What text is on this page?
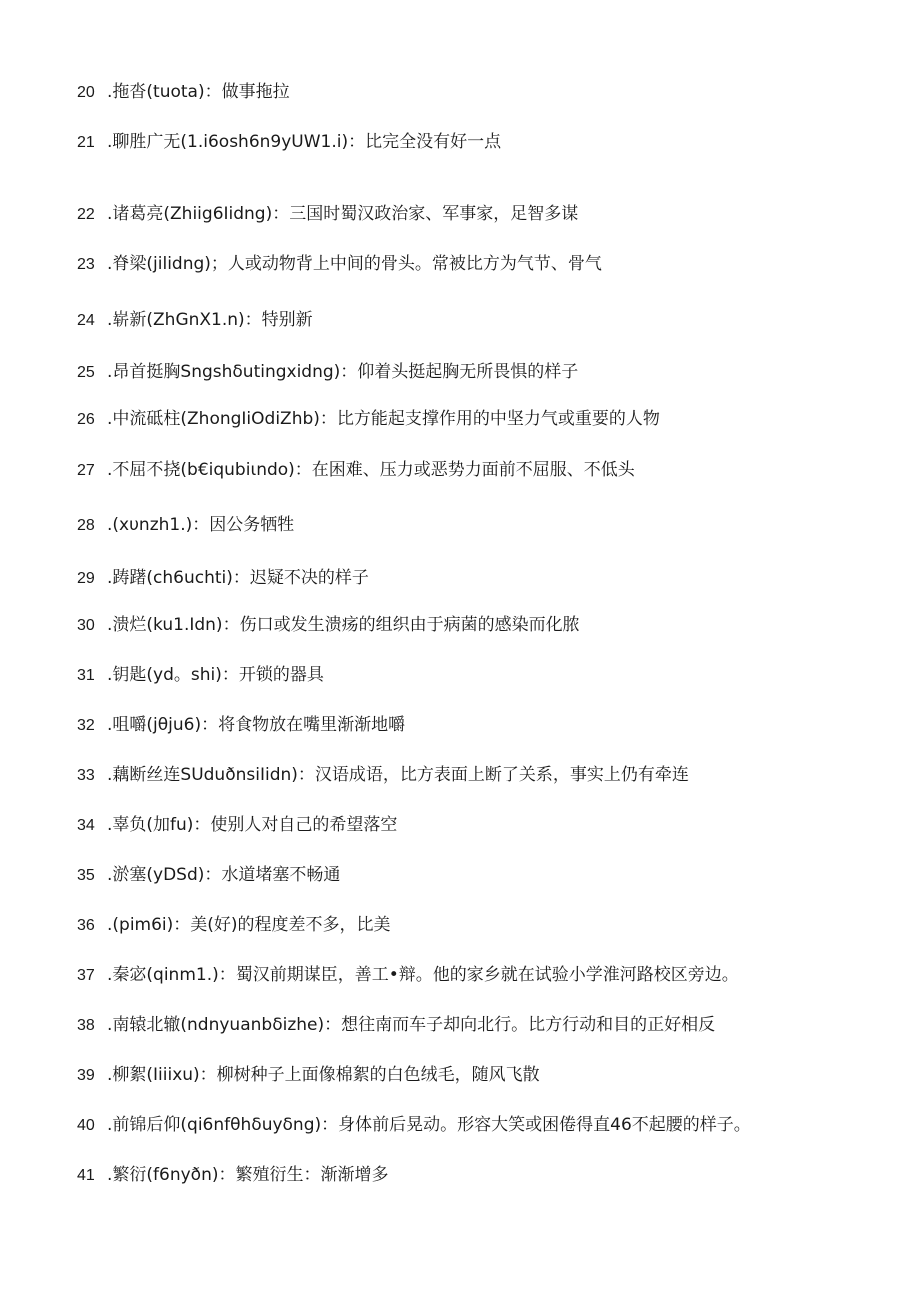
20 .拖沓(tuota)：做事拖拉
21 .聊胜广无(1.i6osh6n9yUW1.i)：比完全没有好一点
22 .诸葛亮(Zhiig6Iidng)：三国时蜀汉政治家、军事家，足智多谋
23 .脊梁(jilidng)；人或动物背上中间的骨头。常被比方为气节、骨气
24 .崭新(ZhGnX1.n)：特别新
25 .昂首挺胸Sngshδutingxidng)：仰着头挺起胸无所畏惧的样子
26 .中流砥柱(ZhongIiOdiZhb)：比方能起支撑作用的中坚力气或重要的人物
27 .不屈不挠(b€iqubiιndo)：在困难、压力或恶势力面前不屈服、不低头
28 .(xυnzh1.)：因公务牺牲
29 .踌躇(ch6uchti)：迟疑不决的样子
30 .溃烂(ku1.Idn)：伤口或发生溃疡的组织由于病菌的感染而化脓
31 .钥匙(yd。shi)：开锁的器具
32 .咀嚼(jθju6)：将食物放在嘴里渐渐地嚼
33 .藕断丝连SUduðnsiIidn)：汉语成语，比方表面上断了关系，事实上仍有牵连
34 .辜负(加fu)：使别人对自己的希望落空
35 .淤塞(yDSd)：水道堵塞不畅通
36 .(pim6i)：美(好)的程度差不多，比美
37 .秦宓(qinm1.)：蜀汉前期谋臣，善工•辩。他的家乡就在试验小学淮河路校区旁边。
38 .南辕北辙(ndnyuanbδizhe)：想往南而车子却向北行。比方行动和目的正好相反
39 .柳絮(Iiiixu)：柳树种子上面像棉絮的白色绒毛，随风飞散
40 .前锦后仰(qi6nfθhδuyδng)：身体前后晃动。形容大笑或困倦得直46不起腰的样子。
41 .繁衍(f6nyðn)：繁殖衍生：渐渐增多
